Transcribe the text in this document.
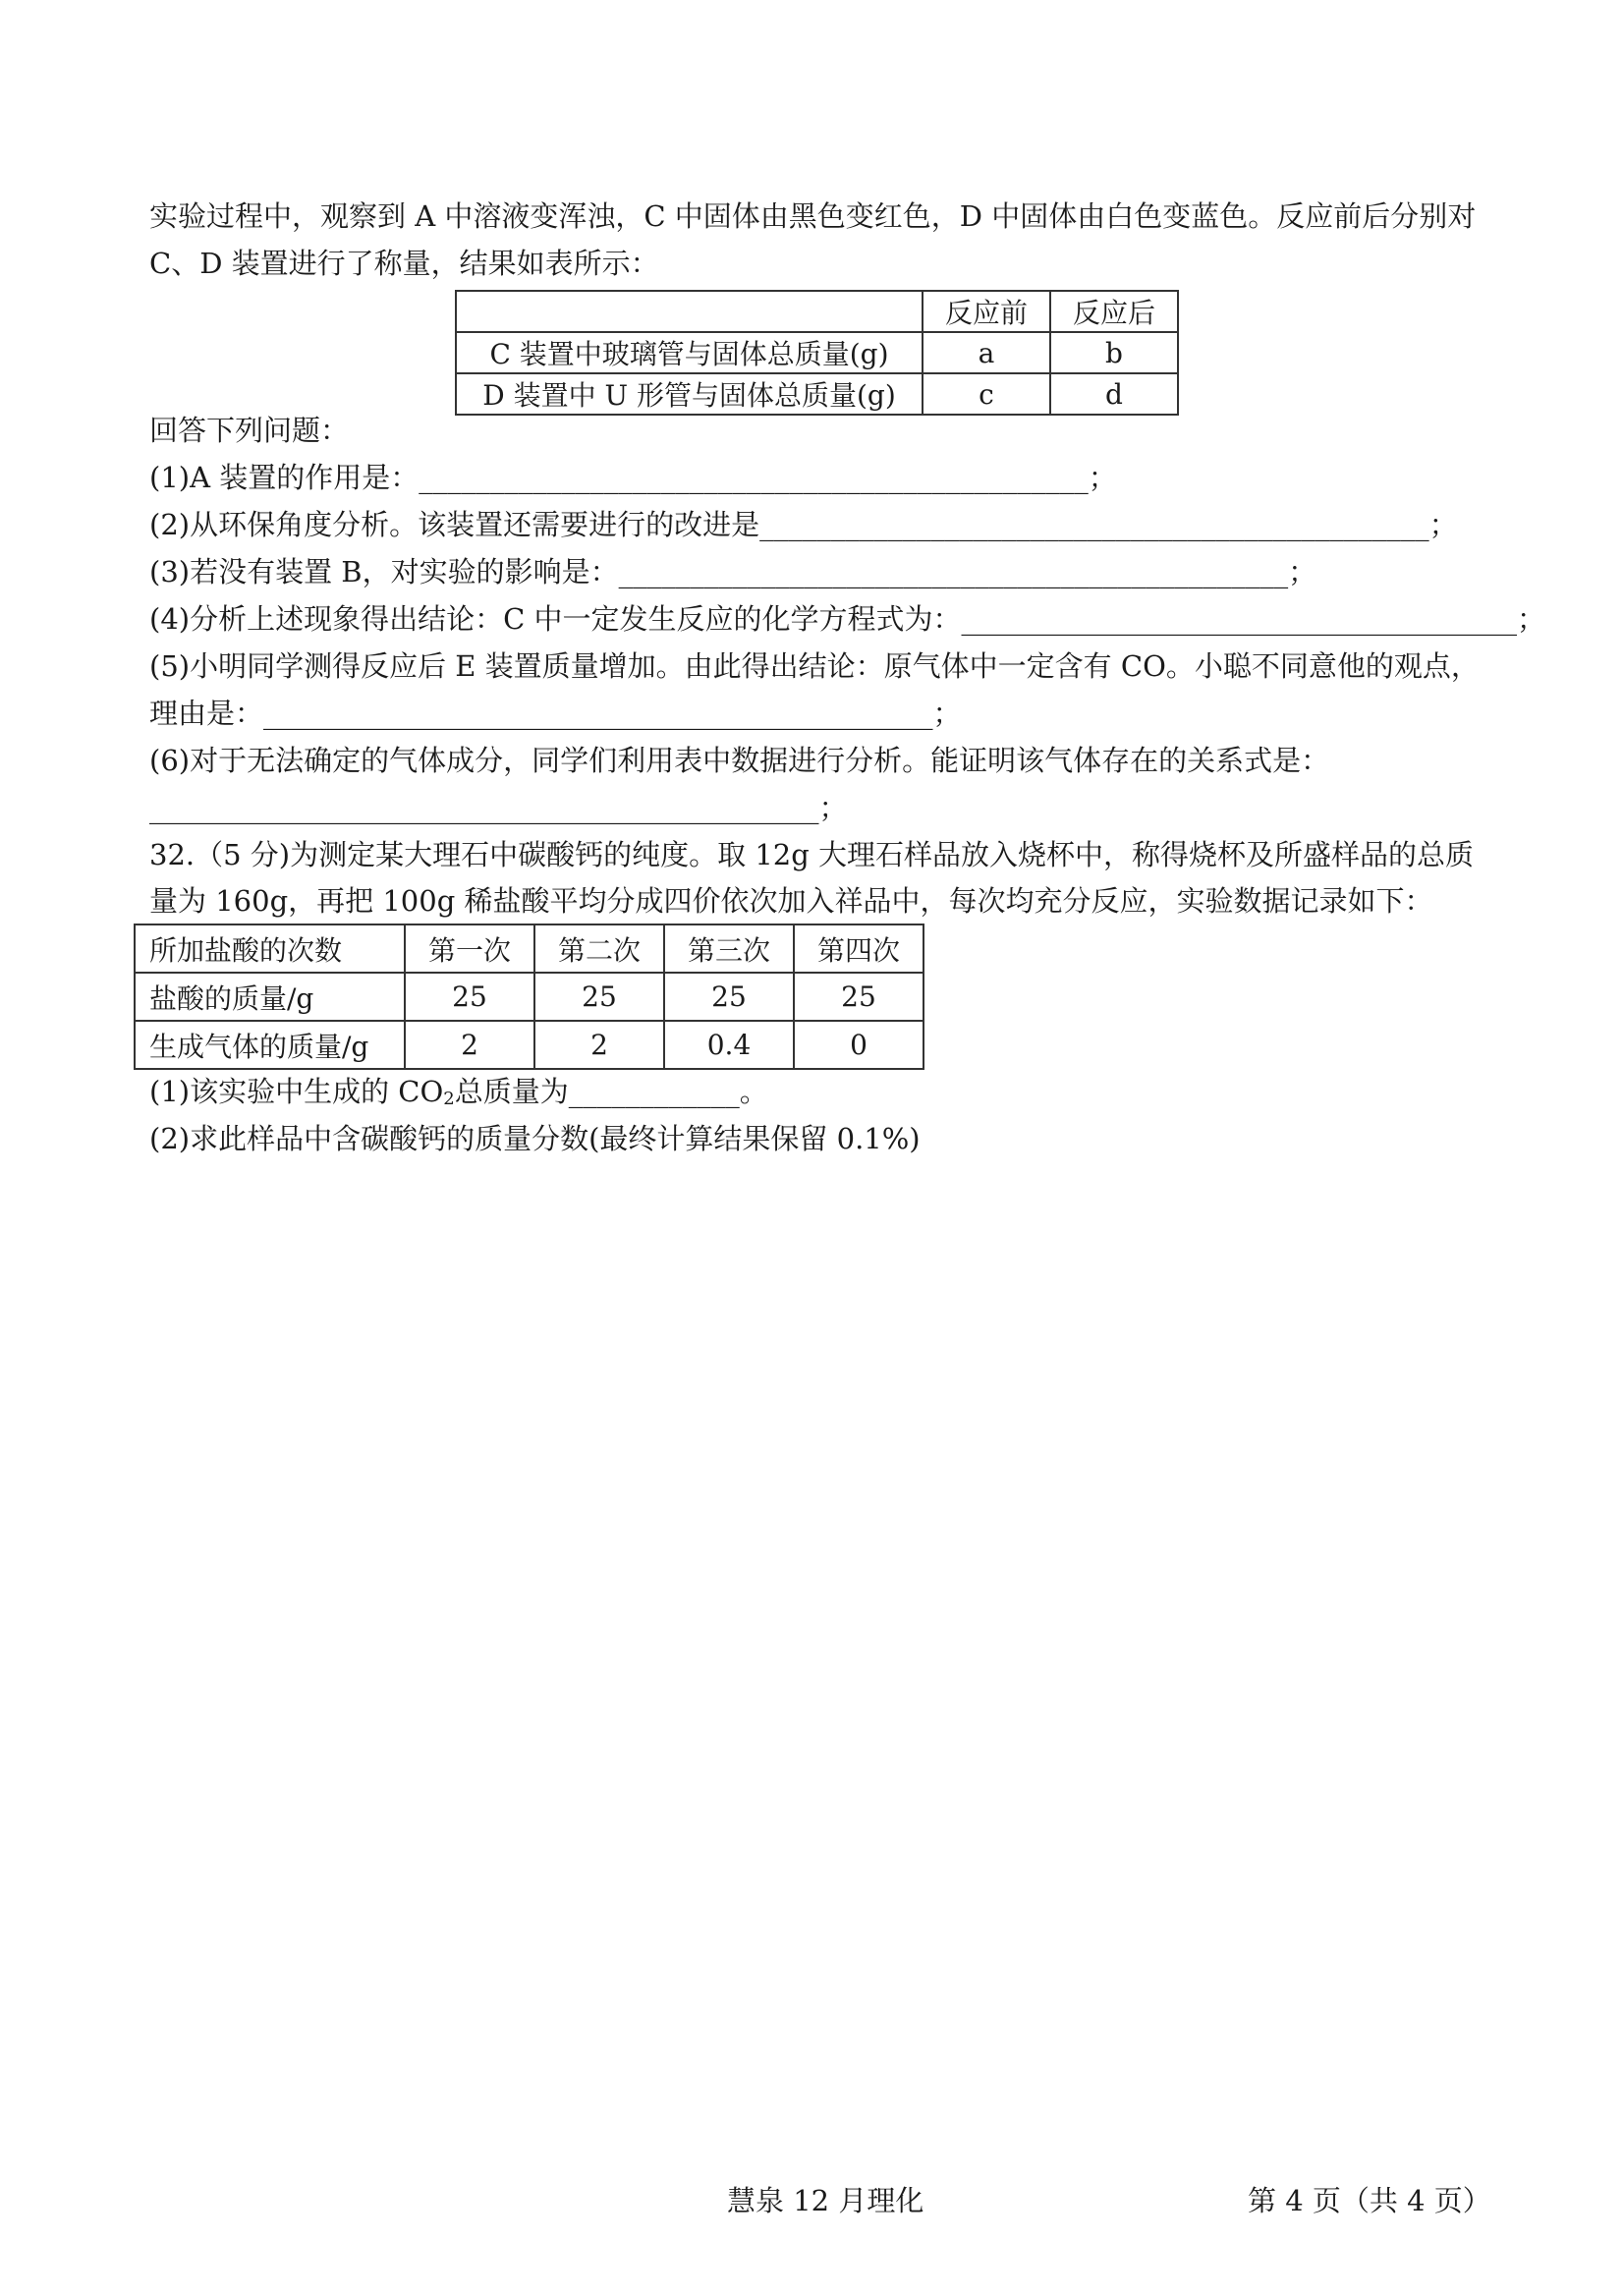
实验过程中，观察到 A 中溶液变浑浊，C 中固体由黑色变红色，D 中固体由白色变蓝色。反应前后分别对
C、D 装置进行了称量，结果如表所示：
	反应前	反应后
C 装置中玻璃管与固体总质量(g)	a	b
D 装置中 U 形管与固体总质量(g)	c	d
回答下列问题：
(1)A 装置的作用是：_______________________________________________；
(2)从环保角度分析。该装置还需要进行的改进是_______________________________________________；
(3)若没有装置 B，对实验的影响是：_______________________________________________；
(4)分析上述现象得出结论：C 中一定发生反应的化学方程式为：_______________________________________；
(5)小明同学测得反应后 E 装置质量增加。由此得出结论：原气体中一定含有 CO。小聪不同意他的观点，
理由是：_______________________________________________；
(6)对于无法确定的气体成分，同学们利用表中数据进行分析。能证明该气体存在的关系式是：
_______________________________________________；
32.（5 分)为测定某大理石中碳酸钙的纯度。取 12g 大理石样品放入烧杯中，称得烧杯及所盛样品的总质
量为 160g，再把 100g 稀盐酸平均分成四价依次加入祥品中，每次均充分反应，实验数据记录如下：
所加盐酸的次数	第一次	第二次	第三次	第四次
盐酸的质量/g	25	25	25	25
生成气体的质量/g	2	2	0.4	0
(1)该实验中生成的 $CO_2$总质量为____________。
(2)求此样品中含碳酸钙的质量分数(最终计算结果保留 0.1%)
慧泉 12 月理化	第 4 页（共 4 页）
